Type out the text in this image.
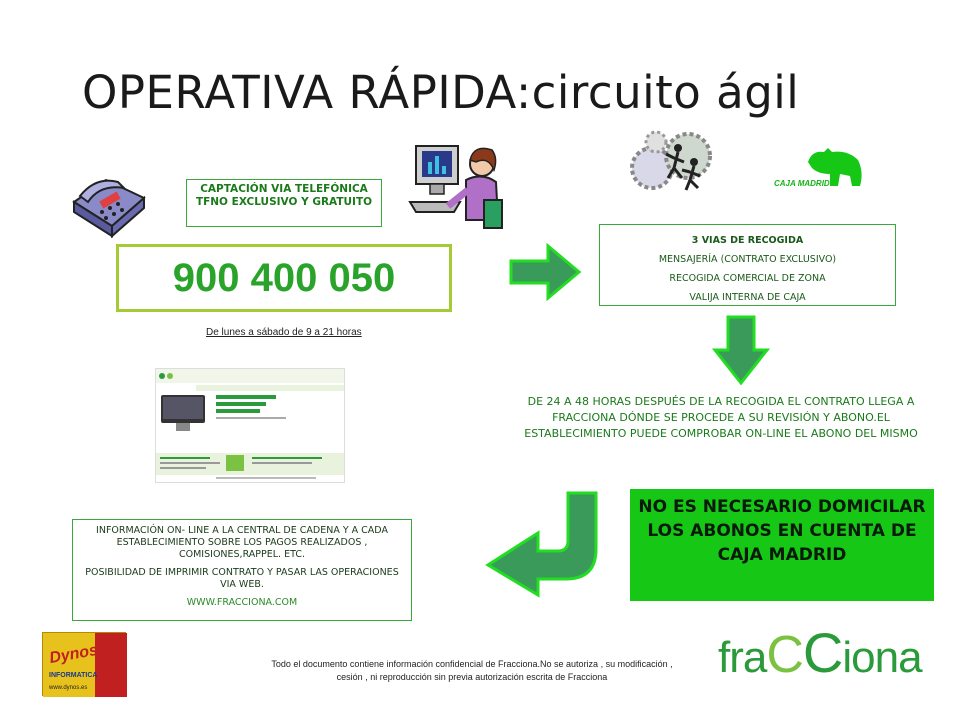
OPERATIVA RÁPIDA:circuito ágil
CAPTACIÓN VIA TELEFÓNICA TFNO EXCLUSIVO Y GRATUITO
900 400 050
De lunes a sábado de 9 a 21 horas
CAJA MADRID
3 VIAS DE RECOGIDA
MENSAJERÍA (CONTRATO EXCLUSIVO)
RECOGIDA COMERCIAL DE ZONA
VALIJA INTERNA DE CAJA
DE 24 A 48 HORAS DESPUÉS DE LA RECOGIDA EL CONTRATO LLEGA A FRACCIONA DÓNDE SE PROCEDE A SU REVISIÓN Y ABONO.EL ESTABLECIMIENTO PUEDE COMPROBAR ON-LINE EL ABONO DEL MISMO
NO ES NECESARIO DOMICILAR LOS ABONOS EN CUENTA DE CAJA MADRID

INFORMACIÓN ON- LINE A LA CENTRAL DE CADENA Y A CADA ESTABLECIMIENTO SOBRE LOS PAGOS REALIZADOS , COMISIONES,RAPPEL. ETC.

POSIBILIDAD DE IMPRIMIR CONTRATO Y PASAR LAS OPERACIONES VIA WEB.

WWW.FRACCIONA.COM

Dynos
INFORMATICA
www.dynos.es
Todo el documento contiene información confidencial de Fracciona.No se autoriza , su modificación , cesión , ni reproducción sin previa autorización escrita de Fracciona	fraCCiona
